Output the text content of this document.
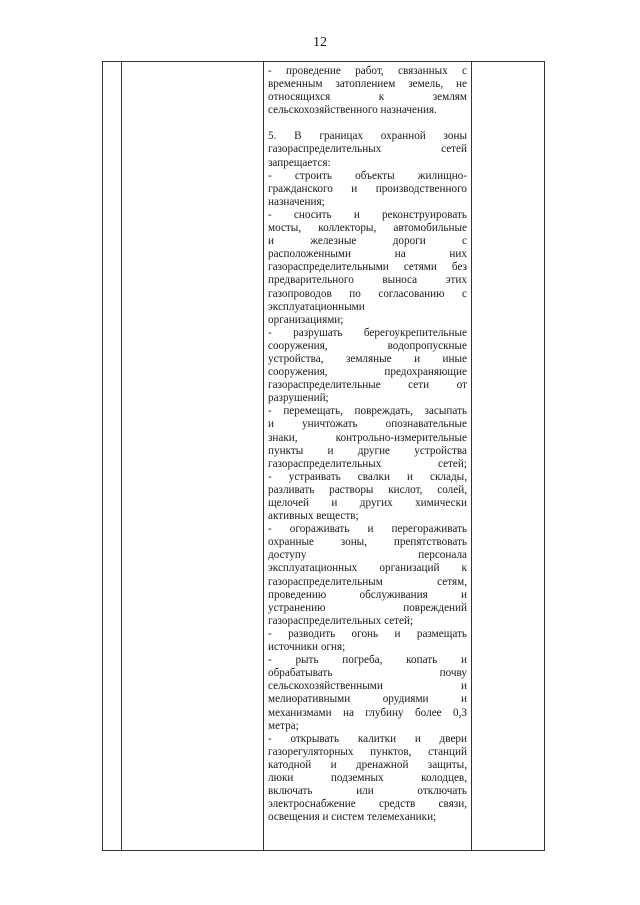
12

- проведение работ, связанных с
временным затоплением земель, не
относящихся к землям
сельскохозяйственного назначения.
5. В границах охранной зоны
газораспределительных сетей
запрещается:
- строить объекты жилищно-
гражданского и производственного
назначения;
- сносить и реконструировать
мосты, коллекторы, автомобильные
и железные дороги с
расположенными на них
газораспределительными сетями без
предварительного выноса этих
газопроводов по согласованию с
эксплуатационными
организациями;
- разрушать берегоукрепительные
сооружения, водопропускные
устройства, земляные и иные
сооружения, предохраняющие
газораспределительные сети от
разрушений;
- перемещать, повреждать, засыпать
и уничтожать опознавательные
знаки, контрольно-измерительные
пункты и другие устройства
газораспределительных сетей;
- устраивать свалки и склады,
разливать растворы кислот, солей,
щелочей и других химически
активных веществ;
- огораживать и перегораживать
охранные зоны, препятствовать
доступу персонала
эксплуатационных организаций к
газораспределительным сетям,
проведению обслуживания и
устранению повреждений
газораспределительных сетей;
- разводить огонь и размещать
источники огня;
- рыть погреба, копать и
обрабатывать почву
сельскохозяйственными и
мелиоративными орудиями и
механизмами на глубину более 0,3
метра;
- открывать калитки и двери
газорегуляторных пунктов, станций
катодной и дренажной защиты,
люки подземных колодцев,
включать или отключать
электроснабжение средств связи,
освещения и систем телемеханики;
